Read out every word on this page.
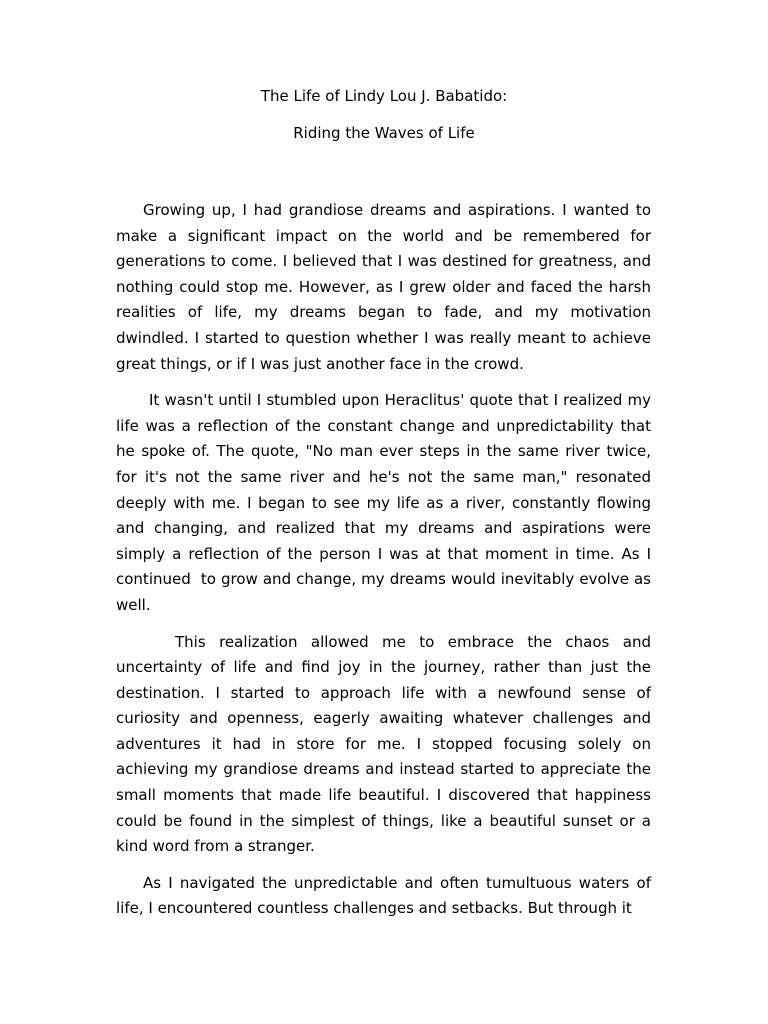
The Life of Lindy Lou J. Babatido:
Riding the Waves of Life

Growing up, I had grandiose dreams and aspirations. I wanted to make a significant impact on the world and be remembered for generations to come. I believed that I was destined for greatness, and nothing could stop me. However, as I grew older and faced the harsh realities of life, my dreams began to fade, and my motivation dwindled. I started to question whether I was really meant to achieve great things, or if I was just another face in the crowd.

It wasn't until I stumbled upon Heraclitus' quote that I realized my life was a reflection of the constant change and unpredictability that he spoke of. The quote, "No man ever steps in the same river twice, for it's not the same river and he's not the same man," resonated deeply with me. I began to see my life as a river, constantly flowing and changing, and realized that my dreams and aspirations were simply a reflection of the person I was at that moment in time. As I continued  to grow and change, my dreams would inevitably evolve as well.

This realization allowed me to embrace the chaos and uncertainty of life and find joy in the journey, rather than just the destination. I started to approach life with a newfound sense of curiosity and openness, eagerly awaiting whatever challenges and adventures it had in store for me. I stopped focusing solely on achieving my grandiose dreams and instead started to appreciate the small moments that made life beautiful. I discovered that happiness could be found in the simplest of things, like a beautiful sunset or a kind word from a stranger.

As I navigated the unpredictable and often tumultuous waters of life, I encountered countless challenges and setbacks. But through it
